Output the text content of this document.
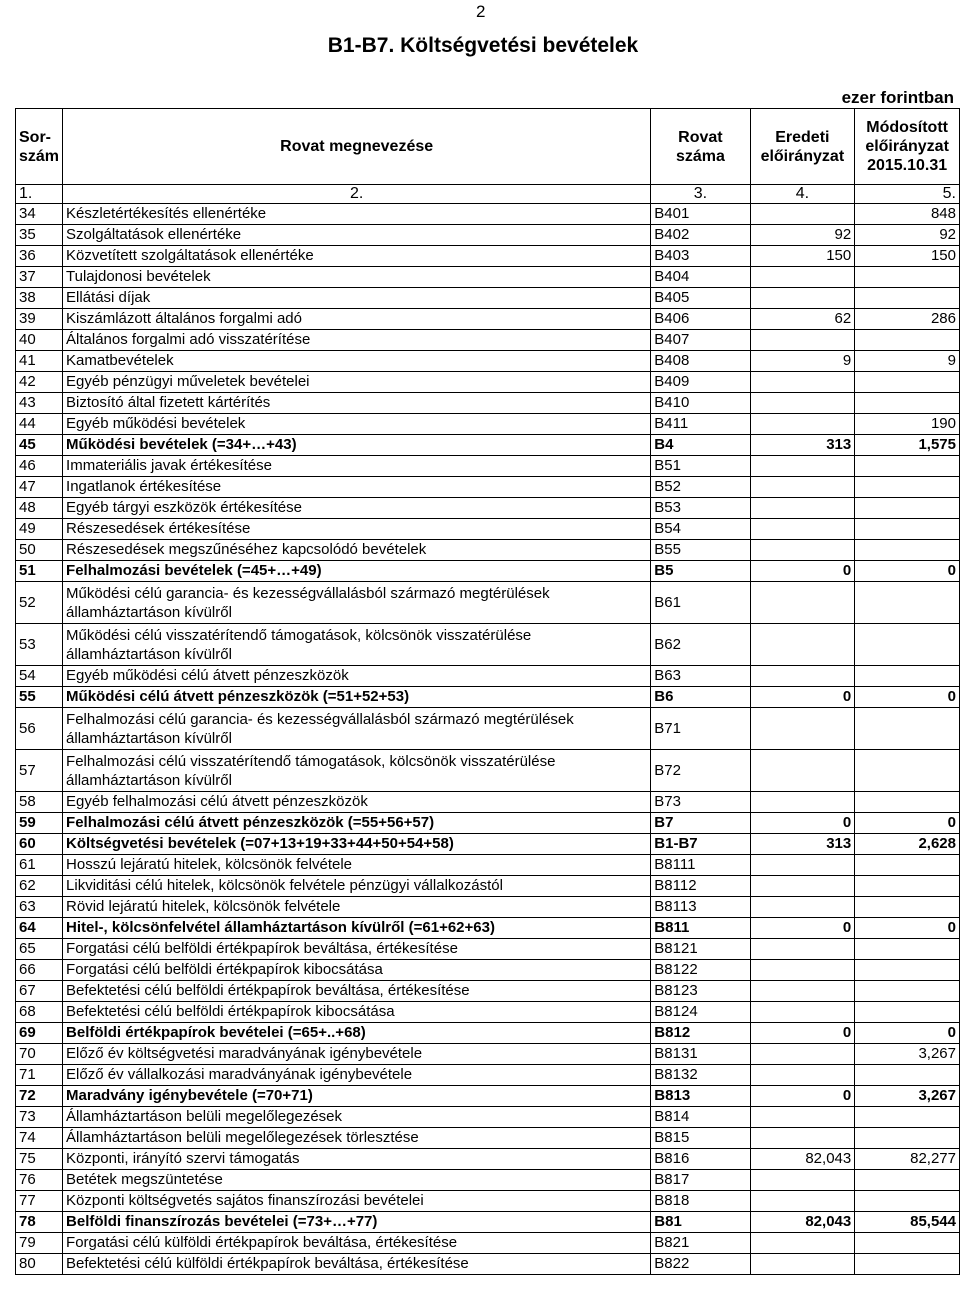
2
B1-B7. Költségvetési bevételek
ezer forintban
Sor-szám	Rovat megnevezése	Rovat száma	Eredeti előirányzat	Módosított előirányzat 2015.10.31
1.	2.	3.	4.	5.
34	Készletértékesítés ellenértéke	B401		848
35	Szolgáltatások ellenértéke	B402	92	92
36	Közvetített szolgáltatások ellenértéke	B403	150	150
37	Tulajdonosi bevételek	B404		
38	Ellátási díjak	B405		
39	Kiszámlázott általános forgalmi adó	B406	62	286
40	Általános forgalmi adó visszatérítése	B407		
41	Kamatbevételek	B408	9	9
42	Egyéb pénzügyi műveletek bevételei	B409		
43	Biztosító által fizetett kártérítés	B410		
44	Egyéb működési bevételek	B411		190
45	Működési bevételek (=34+…+43)	B4	313	1,575
46	Immateriális javak értékesítése	B51		
47	Ingatlanok értékesítése	B52		
48	Egyéb tárgyi eszközök értékesítése	B53		
49	Részesedések értékesítése	B54		
50	Részesedések megszűnéséhez kapcsolódó bevételek	B55		
51	Felhalmozási bevételek (=45+…+49)	B5	0	0
52	Működési célú garancia- és kezességvállalásból származó megtérülések államháztartáson kívülről	B61		
53	Működési célú visszatérítendő támogatások, kölcsönök visszatérülése államháztartáson kívülről	B62		
54	Egyéb működési célú átvett pénzeszközök	B63		
55	Működési célú átvett pénzeszközök (=51+52+53)	B6	0	0
56	Felhalmozási célú garancia- és kezességvállalásból származó megtérülések államháztartáson kívülről	B71		
57	Felhalmozási célú visszatérítendő támogatások, kölcsönök visszatérülése államháztartáson kívülről	B72		
58	Egyéb felhalmozási célú átvett pénzeszközök	B73		
59	Felhalmozási célú átvett pénzeszközök (=55+56+57)	B7	0	0
60	Költségvetési bevételek (=07+13+19+33+44+50+54+58)	B1-B7	313	2,628
61	Hosszú lejáratú hitelek, kölcsönök felvétele	B8111		
62	Likviditási célú hitelek, kölcsönök felvétele pénzügyi vállalkozástól	B8112		
63	Rövid lejáratú hitelek, kölcsönök felvétele	B8113		
64	Hitel-, kölcsönfelvétel államháztartáson kívülről (=61+62+63)	B811	0	0
65	Forgatási célú belföldi értékpapírok beváltása, értékesítése	B8121		
66	Forgatási célú belföldi értékpapírok kibocsátása	B8122		
67	Befektetési célú belföldi értékpapírok beváltása, értékesítése	B8123		
68	Befektetési célú belföldi értékpapírok kibocsátása	B8124		
69	Belföldi értékpapírok bevételei (=65+..+68)	B812	0	0
70	Előző év költségvetési maradványának igénybevétele	B8131		3,267
71	Előző év vállalkozási maradványának igénybevétele	B8132		
72	Maradvány igénybevétele (=70+71)	B813	0	3,267
73	Államháztartáson belüli megelőlegezések	B814		
74	Államháztartáson belüli megelőlegezések törlesztése	B815		
75	Központi, irányító szervi támogatás	B816	82,043	82,277
76	Betétek megszüntetése	B817		
77	Központi költségvetés sajátos finanszírozási bevételei	B818		
78	Belföldi finanszírozás bevételei (=73+…+77)	B81	82,043	85,544
79	Forgatási célú külföldi értékpapírok beváltása, értékesítése	B821		
80	Befektetési célú külföldi értékpapírok beváltása, értékesítése	B822		
